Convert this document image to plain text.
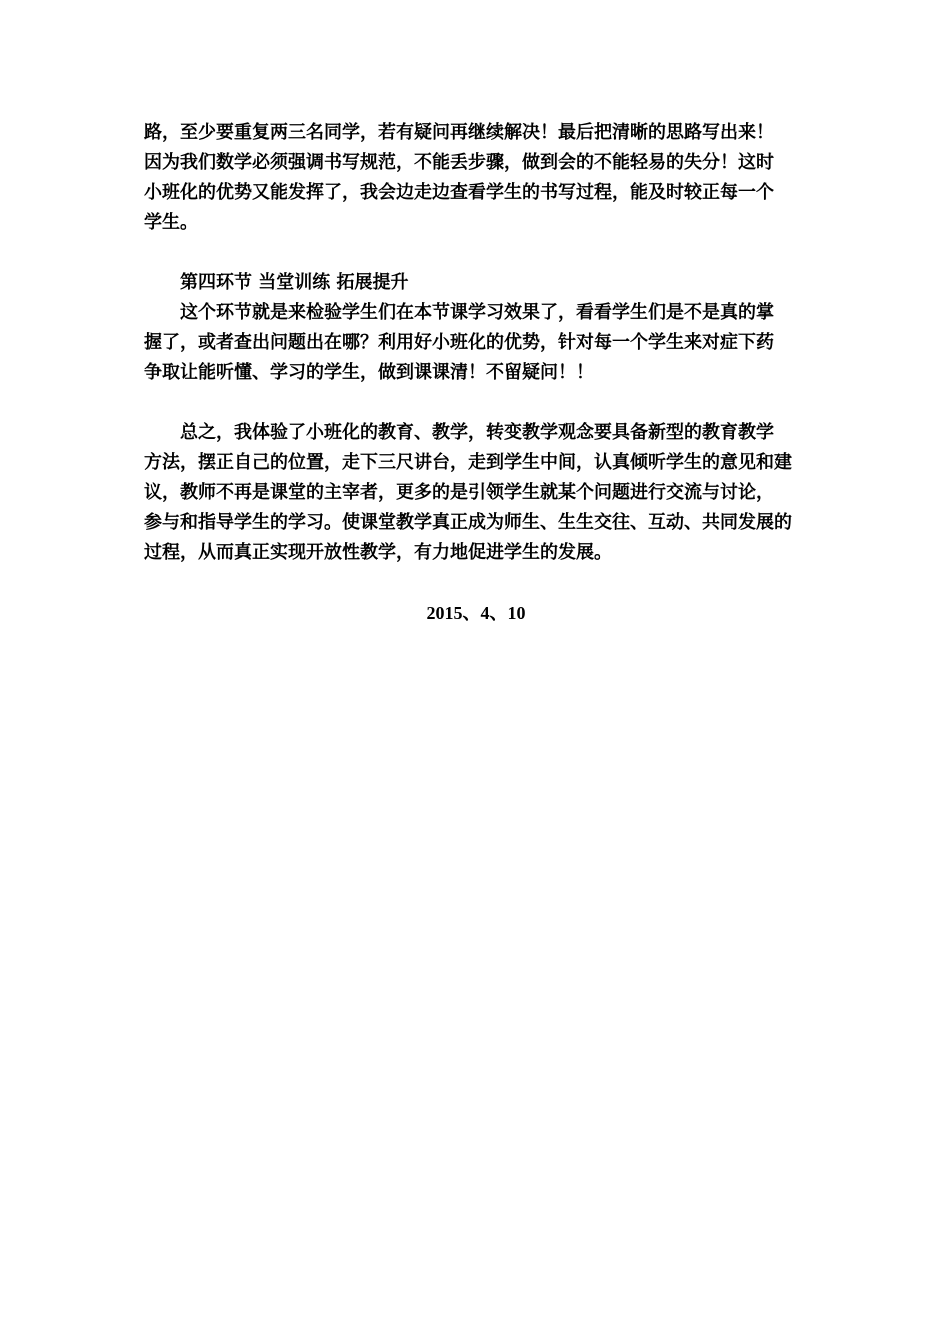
路，至少要重复两三名同学，若有疑问再继续解决！最后把清晰的思路写出来！
因为我们数学必须强调书写规范，不能丢步骤，做到会的不能轻易的失分！这时
小班化的优势又能发挥了，我会边走边查看学生的书写过程，能及时较正每一个
学生。
第四环节 当堂训练 拓展提升
这个环节就是来检验学生们在本节课学习效果了，看看学生们是不是真的掌
握了，或者查出问题出在哪？利用好小班化的优势，针对每一个学生来对症下药
争取让能听懂、学习的学生，做到课课清！不留疑问！！
总之，我体验了小班化的教育、教学，转变教学观念要具备新型的教育教学
方法，摆正自己的位置，走下三尺讲台，走到学生中间，认真倾听学生的意见和建
议，教师不再是课堂的主宰者，更多的是引领学生就某个问题进行交流与讨论，
参与和指导学生的学习。使课堂教学真正成为师生、生生交往、互动、共同发展的
过程，从而真正实现开放性教学，有力地促进学生的发展。
2015、4、10
